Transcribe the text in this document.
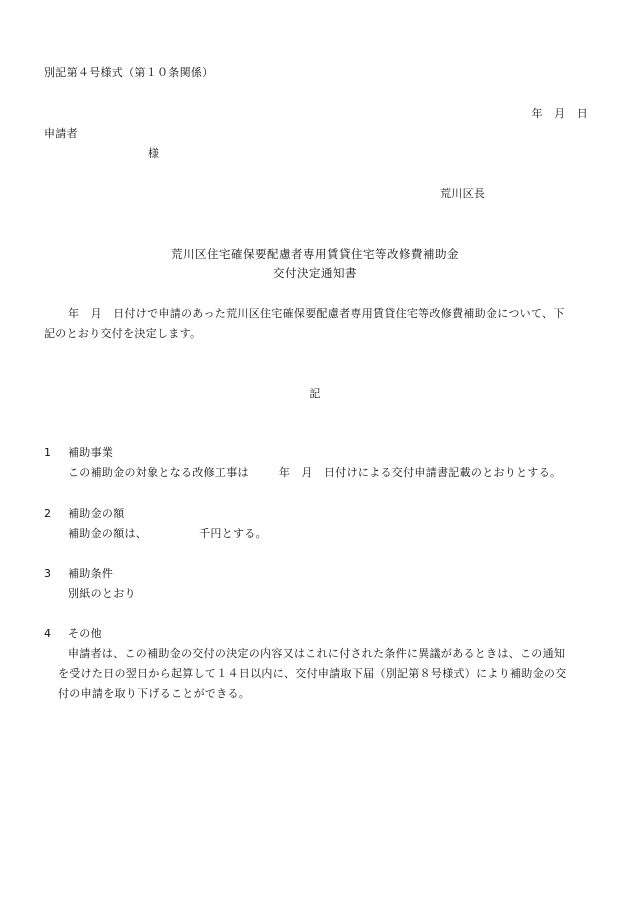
別記第４号様式（第１０条関係）
年　月　日
申請者
様
荒川区長
荒川区住宅確保要配慮者専用賃貸住宅等改修費補助金
交付決定通知書
年　月　日付けで申請のあった荒川区住宅確保要配慮者専用賃貸住宅等改修費補助金について、下
記のとおり交付を決定します。
記
1 補助事業
この補助金の対象となる改修工事は	年　月　日付けによる交付申請書記載のとおりとする。
2 補助金の額
補助金の額は、	千円とする。
3 補助条件
別紙のとおり
4 その他
申請者は、この補助金の交付の決定の内容又はこれに付された条件に異議があるときは、この通知
を受けた日の翌日から起算して１４日以内に、交付申請取下届（別記第８号様式）により補助金の交
付の申請を取り下げることができる。
